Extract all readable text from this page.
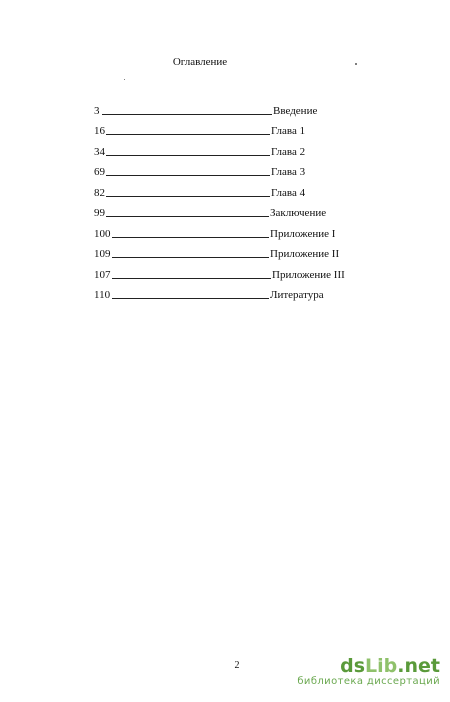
Оглавление
3	Введение
16	Глава 1
34	Глава 2
69	Глава 3
82	Глава 4
99	Заключение
100	Приложение I
109	Приложение II
107	Приложение III
110	Литература
2	dsLib.net
библиотека диссертаций
